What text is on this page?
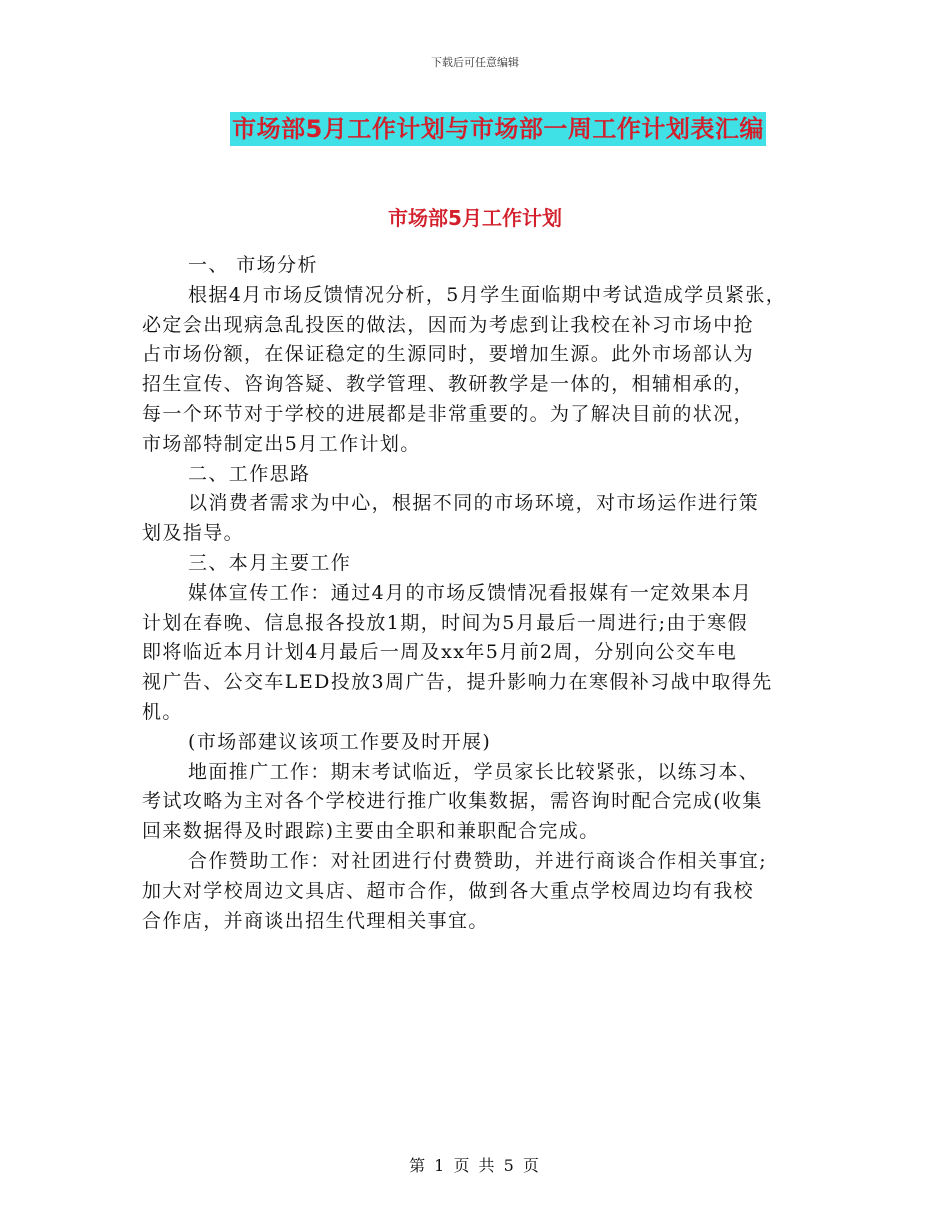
下载后可任意编辑
市场部5月工作计划与市场部一周工作计划表汇编
市场部5月工作计划
一、 市场分析
根据4月市场反馈情况分析，5月学生面临期中考试造成学员紧张，
必定会出现病急乱投医的做法，因而为考虑到让我校在补习市场中抢
占市场份额，在保证稳定的生源同时，要增加生源。此外市场部认为
招生宣传、咨询答疑、教学管理、教研教学是一体的，相辅相承的，
每一个环节对于学校的进展都是非常重要的。为了解决目前的状况，
市场部特制定出5月工作计划。
二、工作思路
以消费者需求为中心，根据不同的市场环境，对市场运作进行策
划及指导。
三、本月主要工作
媒体宣传工作：通过4月的市场反馈情况看报媒有一定效果本月
计划在春晚、信息报各投放1期，时间为5月最后一周进行;由于寒假
即将临近本月计划4月最后一周及xx年5月前2周，分别向公交车电
视广告、公交车LED投放3周广告，提升影响力在寒假补习战中取得先
机。
(市场部建议该项工作要及时开展)
地面推广工作：期末考试临近，学员家长比较紧张，以练习本、
考试攻略为主对各个学校进行推广收集数据，需咨询时配合完成(收集
回来数据得及时跟踪)主要由全职和兼职配合完成。
合作赞助工作：对社团进行付费赞助，并进行商谈合作相关事宜;
加大对学校周边文具店、超市合作，做到各大重点学校周边均有我校
合作店，并商谈出招生代理相关事宜。
第 1 页 共 5 页
